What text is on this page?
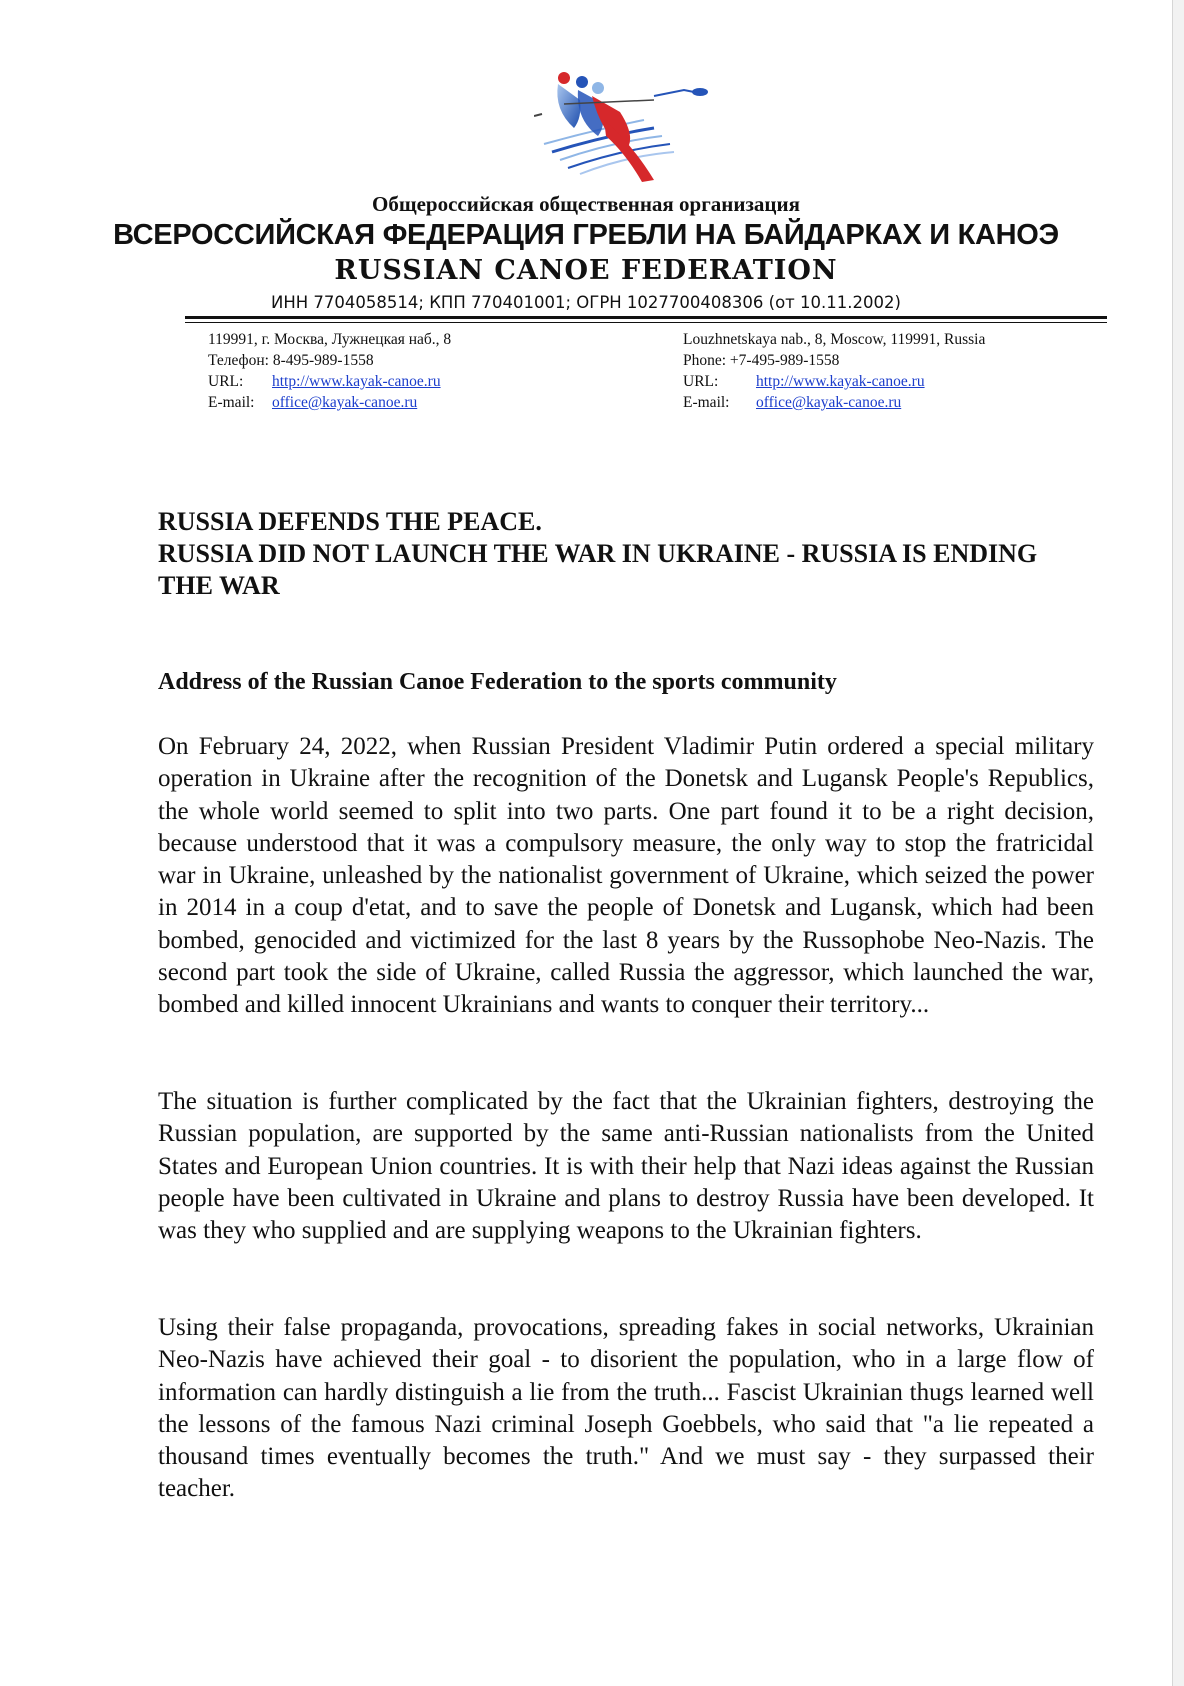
Общероссийская общественная организация
ВСЕРОССИЙСКАЯ ФЕДЕРАЦИЯ ГРЕБЛИ НА БАЙДАРКАХ И КАНОЭ
RUSSIAN CANOE FEDERATION
ИНН 7704058514; КПП 770401001; ОГРН 1027700408306 (от 10.11.2002)
119991, г. Москва, Лужнецкая наб., 8
Телефон: 8-495-989-1558
URL: http://www.kayak-canoe.ru
E-mail: office@kayak-canoe.ru
Louzhnetskaya nab., 8, Moscow, 119991, Russia
Phone: +7-495-989-1558
URL: http://www.kayak-canoe.ru
E-mail: office@kayak-canoe.ru
RUSSIA DEFENDS THE PEACE.
RUSSIA DID NOT LAUNCH THE WAR IN UKRAINE - RUSSIA IS ENDING THE WAR
Address of the Russian Canoe Federation to the sports community

On February 24, 2022, when Russian President Vladimir Putin ordered a special military operation in Ukraine after the recognition of the Donetsk and Lugansk People's Republics, the whole world seemed to split into two parts. One part found it to be a right decision, because understood that it was a compulsory measure, the only way to stop the fratricidal war in Ukraine, unleashed by the nationalist government of Ukraine, which seized the power in 2014 in a coup d'etat, and to save the people of Donetsk and Lugansk, which had been bombed, genocided and victimized for the last 8 years by the Russophobe Neo-Nazis. The second part took the side of Ukraine, called Russia the aggressor, which launched the war, bombed and killed innocent Ukrainians and wants to conquer their territory...

The situation is further complicated by the fact that the Ukrainian fighters, destroying the Russian population, are supported by the same anti-Russian nationalists from the United States and European Union countries. It is with their help that Nazi ideas against the Russian people have been cultivated in Ukraine and plans to destroy Russia have been developed. It was they who supplied and are supplying weapons to the Ukrainian fighters.

Using their false propaganda, provocations, spreading fakes in social networks, Ukrainian Neo-Nazis have achieved their goal - to disorient the population, who in a large flow of information can hardly distinguish a lie from the truth... Fascist Ukrainian thugs learned well the lessons of the famous Nazi criminal Joseph Goebbels, who said that "a lie repeated a thousand times eventually becomes the truth." And we must say - they surpassed their teacher.
